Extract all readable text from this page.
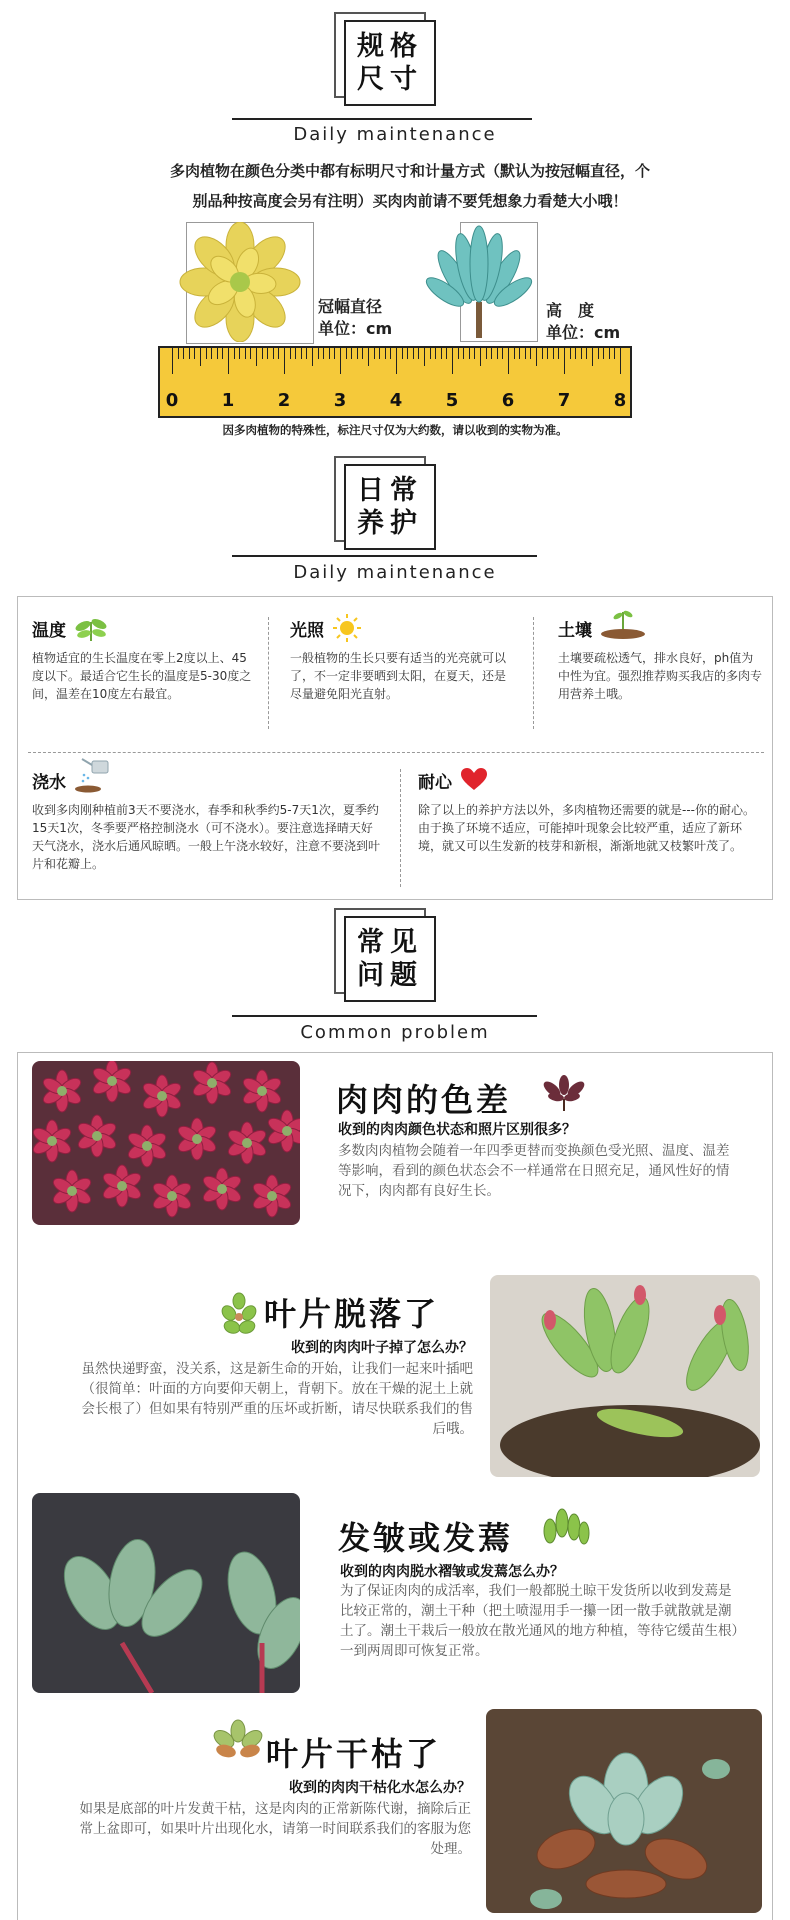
规格尺寸
Daily maintenance
多肉植物在颜色分类中都有标明尺寸和计量方式（默认为按冠幅直径，个
别品种按高度会另有注明）买肉肉前请不要凭想象力看楚大小哦！
冠幅直径
单位：cm
高　度
单位：cm
0 1 2 3 4 5 6 7 8
因多肉植物的特殊性，标注尺寸仅为大约数，请以收到的实物为准。
日常养护
Daily maintenance
温度
植物适宜的生长温度在零上2度以上、45度以下。最适合它生长的温度是5-30度之间，温差在10度左右最宜。
光照
一般植物的生长只要有适当的光亮就可以了，不一定非要晒到太阳，在夏天，还是尽量避免阳光直射。
土壤
土壤要疏松透气，排水良好，ph值为中性为宜。强烈推荐购买我店的多肉专用营养土哦。
浇水
收到多肉刚种植前3天不要浇水，春季和秋季约5-7天1次，夏季约15天1次，冬季要严格控制浇水（可不浇水）。要注意选择晴天好天气浇水，浇水后通风晾晒。一般上午浇水较好，注意不要浇到叶片和花瓣上。
耐心
除了以上的养护方法以外，多肉植物还需要的就是---你的耐心。由于换了环境不适应，可能掉叶现象会比较严重，适应了新环境，就又可以生发新的枝芽和新根，渐渐地就又枝繁叶茂了。
常见问题
Common problem
肉肉的色差
收到的肉肉颜色状态和照片区别很多？
多数肉肉植物会随着一年四季更替而变换颜色受光照、温度、温差等影响，看到的颜色状态会不一样通常在日照充足，通风性好的情况下，肉肉都有良好生长。
叶片脱落了
收到的肉肉叶子掉了怎么办？
虽然快递野蛮，没关系，这是新生命的开始，让我们一起来叶插吧（很简单：叶面的方向要仰天朝上，背朝下。放在干燥的泥土上就会长根了）但如果有特别严重的压坏或折断，请尽快联系我们的售后哦。
发皱或发蔫
收到的肉肉脱水褶皱或发蔫怎么办？
为了保证肉肉的成活率，我们一般都脱土晾干发货所以收到发蔫是比较正常的，潮土干种（把土喷湿用手一攥一团一散手就散就是潮土了。潮土干栽后一般放在散光通风的地方种植，等待它缓苗生根）一到两周即可恢复正常。
叶片干枯了
收到的肉肉干枯化水怎么办？
如果是底部的叶片发黄干枯，这是肉肉的正常新陈代谢，摘除后正常上盆即可，如果叶片出现化水，请第一时间联系我们的客服为您处理。
